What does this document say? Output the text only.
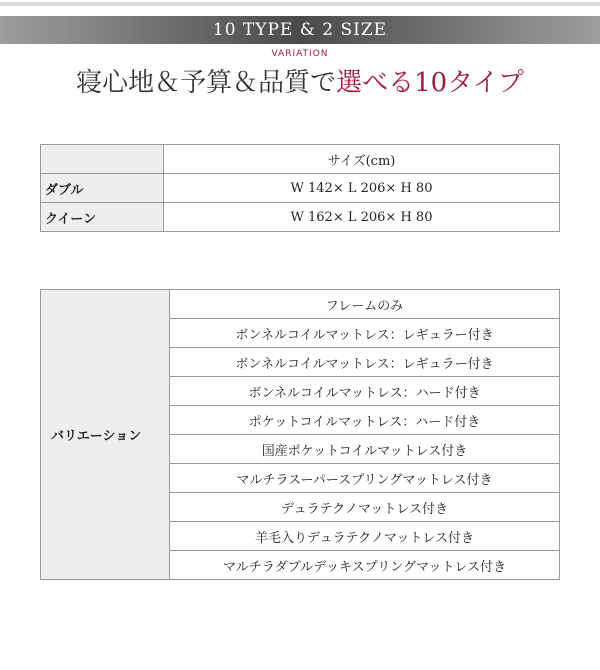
10 TYPE & 2 SIZE
VARIATION
寝心地＆予算＆品質で選べる10タイプ
	サイズ(cm)
ダブル	W 142× L 206× H 80
クイーン	W 162× L 206× H 80
バリエーション	フレームのみ
ボンネルコイルマットレス：レギュラー付き
ボンネルコイルマットレス：レギュラー付き
ボンネルコイルマットレス：ハード付き
ポケットコイルマットレス：ハード付き
国産ポケットコイルマットレス付き
マルチラスーパースプリングマットレス付き
デュラテクノマットレス付き
羊毛入りデュラテクノマットレス付き
マルチラダブルデッキスプリングマットレス付き
